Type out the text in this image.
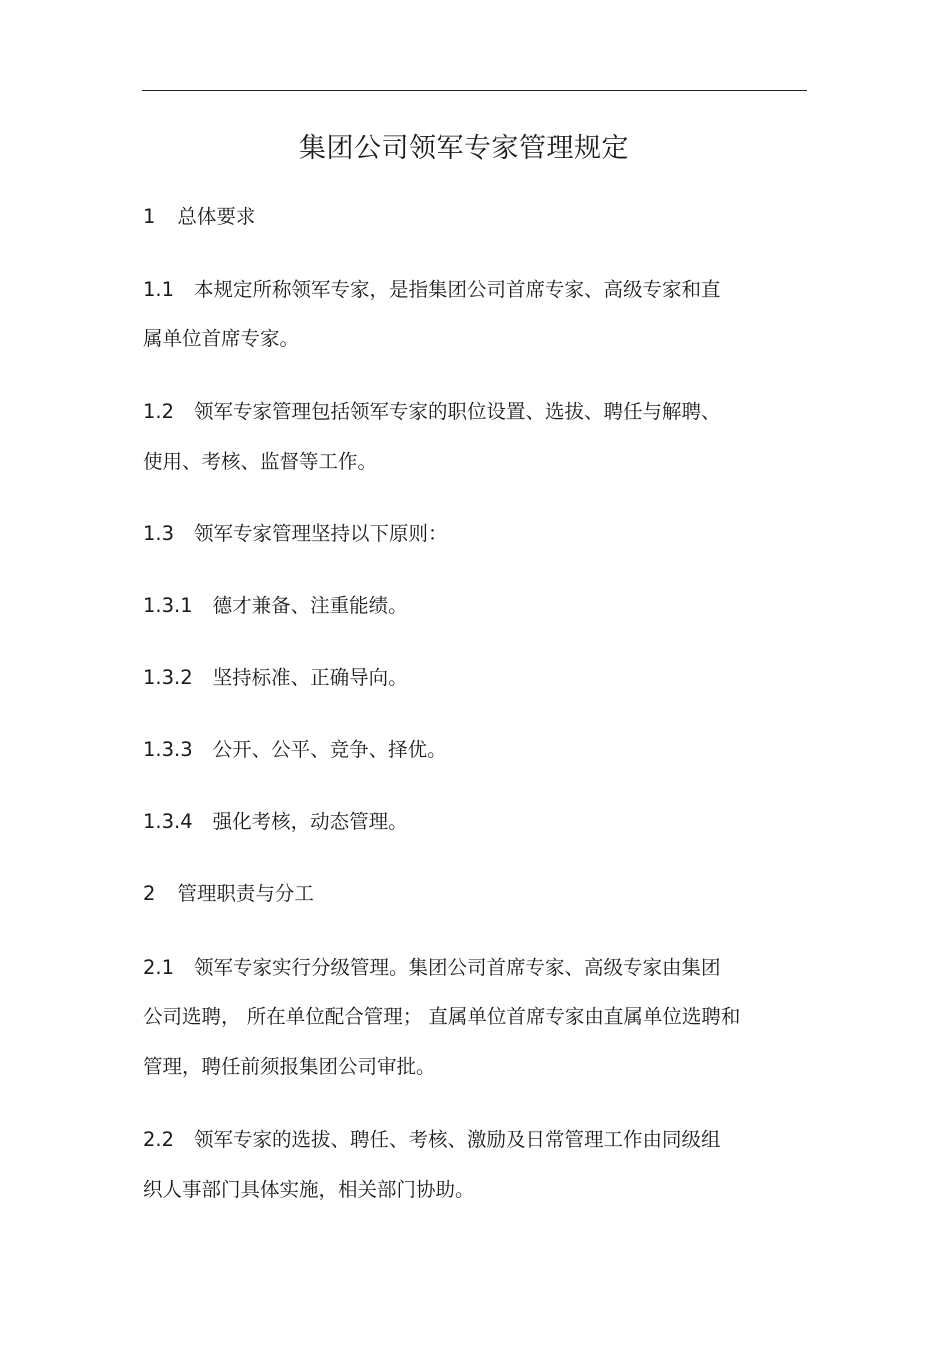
集团公司领军专家管理规定
1 总体要求
1.1 本规定所称领军专家，是指集团公司首席专家、高级专家和直
属单位首席专家。
1.2 领军专家管理包括领军专家的职位设置、选拔、聘任与解聘、
使用、考核、监督等工作。
1.3 领军专家管理坚持以下原则：
1.3.1 德才兼备、注重能绩。
1.3.2 坚持标准、正确导向。
1.3.3 公开、公平、竞争、择优。
1.3.4 强化考核，动态管理。
2 管理职责与分工
2.1 领军专家实行分级管理。集团公司首席专家、高级专家由集团
公司选聘， 所在单位配合管理； 直属单位首席专家由直属单位选聘和
管理，聘任前须报集团公司审批。
2.2 领军专家的选拔、聘任、考核、激励及日常管理工作由同级组
织人事部门具体实施，相关部门协助。
